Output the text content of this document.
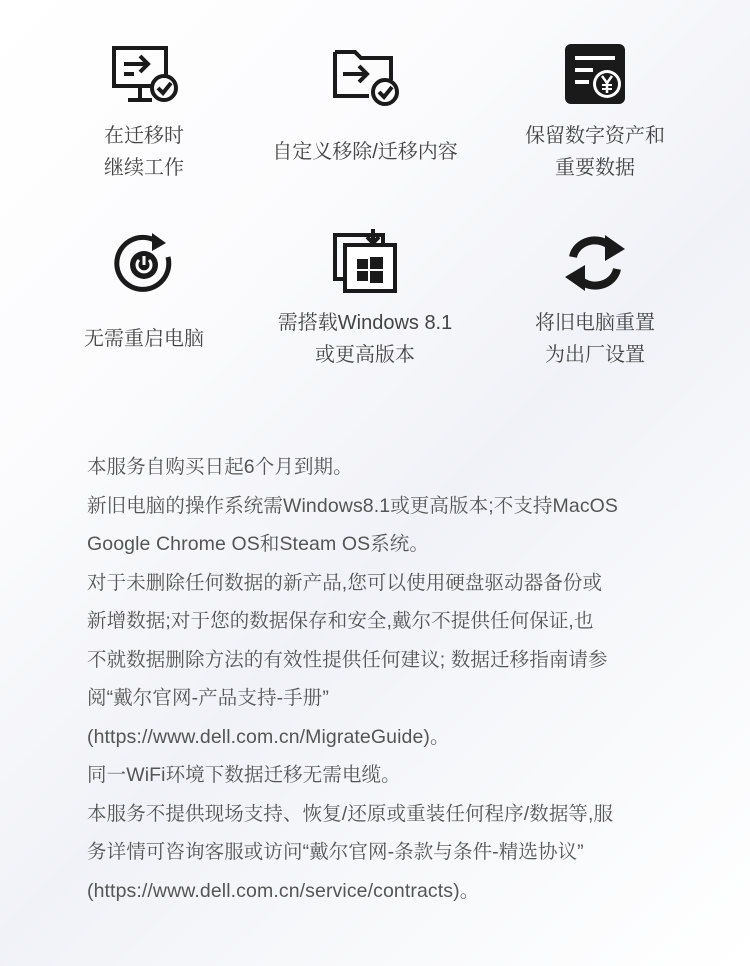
在迁移时
继续工作
自定义移除/迁移内容
保留数字资产和
重要数据
无需重启电脑
需搭载Windows 8.1
或更高版本
将旧电脑重置
为出厂设置
本服务自购买日起6个月到期。
新旧电脑的操作系统需Windows8.1或更高版本;不支持MacOS
Google Chrome OS和Steam OS系统。
对于未删除任何数据的新产品,您可以使用硬盘驱动器备份或
新增数据;对于您的数据保存和安全,戴尔不提供任何保证,也
不就数据删除方法的有效性提供任何建议; 数据迁移指南请参
阅“戴尔官网-产品支持-手册”
(https://www.dell.com.cn/MigrateGuide)。
同一WiFi环境下数据迁移无需电缆。
本服务不提供现场支持、恢复/还原或重装任何程序/数据等,服
务详情可咨询客服或访问“戴尔官网-条款与条件-精选协议”
(https://www.dell.com.cn/service/contracts)。
